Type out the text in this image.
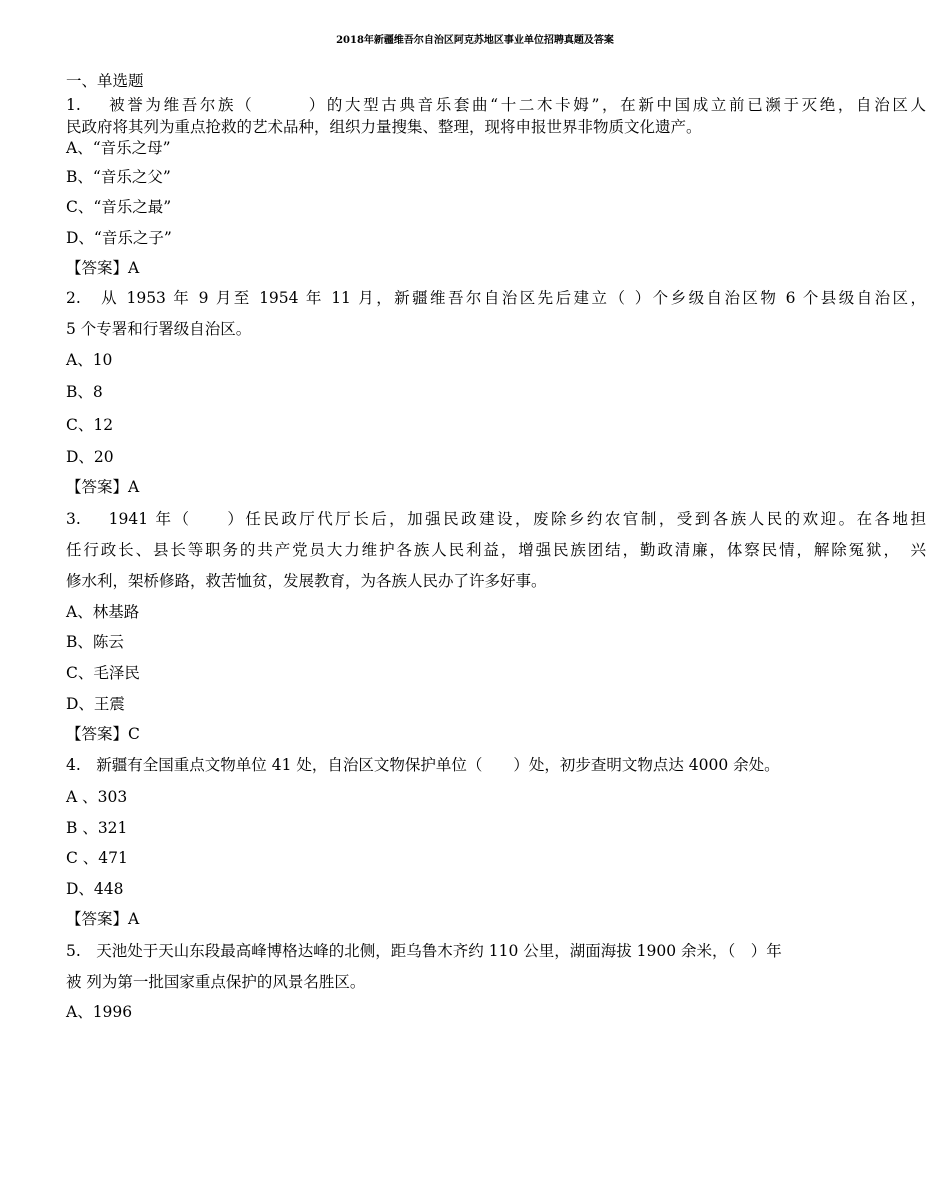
2018年新疆维吾尔自治区阿克苏地区事业单位招聘真题及答案
一、单选题
1.　 被誉为维吾尔族（　　　）的大型古典音乐套曲“十二木卡姆”，在新中国成立前已濒于灭绝，自治区人
民政府将其列为重点抢救的艺术品种，组织力量搜集、整理，现将申报世界非物质文化遗产。
A、“音乐之母”
B、“音乐之父”
C、“音乐之最”
D、“音乐之子”
【答案】A
2.　从 1953 年 9 月至 1954 年 11 月，新疆维吾尔自治区先后建立（ ）个乡级自治区物 6 个县级自治区，
5 个专署和行署级自治区。
A、10
B、8
C、12
D、20
【答案】A
3.　 1941 年（　　）任民政厅代厅长后，加强民政建设，废除乡约农官制，受到各族人民的欢迎。在各地担
任行政长、县长等职务的共产党员大力维护各族人民利益，增强民族团结，勤政清廉，体察民情，解除冤狱，　兴
修水利，架桥修路，救苦恤贫，发展教育，为各族人民办了许多好事。
A、林基路
B、陈云
C、毛泽民
D、王震
【答案】C
4.　新疆有全国重点文物单位 41 处，自治区文物保护单位（　　）处，初步查明文物点达 4000 余处。
A 、303
B 、321
C 、471
D、448
【答案】A
5.　天池处于天山东段最高峰博格达峰的北侧，距乌鲁木齐约 110 公里，湖面海拔 1900 余米，（　）年
被 列为第一批国家重点保护的风景名胜区。
A、1996
